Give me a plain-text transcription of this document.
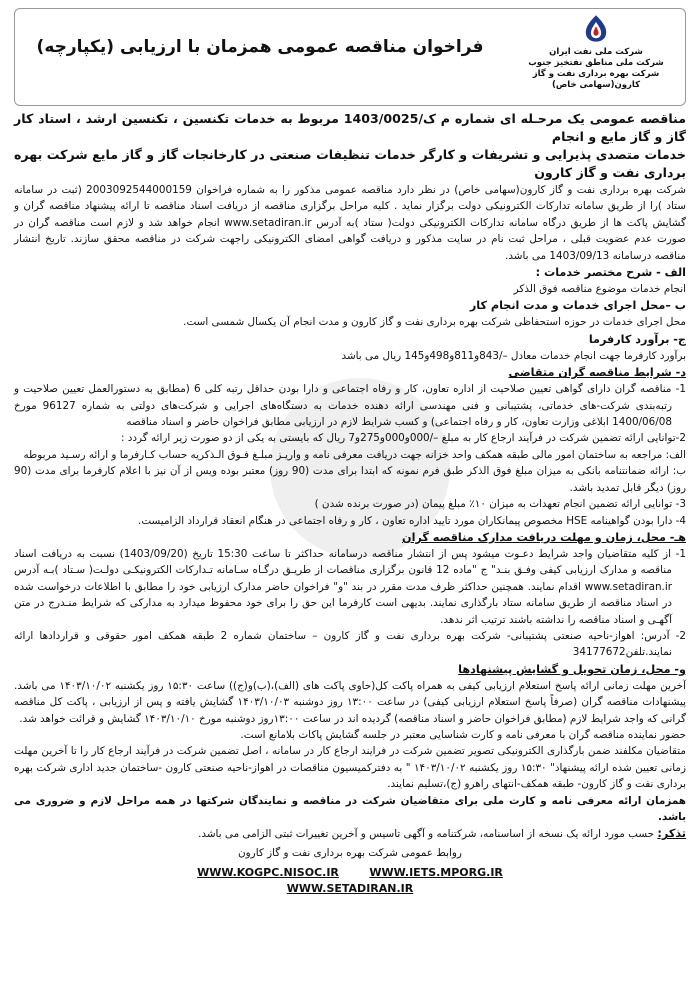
شرکت ملی نفت ایران
شرکت ملی مناطق نفتخیز جنوب
شرکت بهره برداری نفت و گاز کارون(سهامی خاص)
فراخوان مناقصه عمومی همزمان با ارزیابی (یکپارچه)

مناقصه عمومی یک مرحـله ای شماره م ک/1403/0025 مربوط به خدمات تکنسین ، تکنسین ارشد ، استاد کار گاز و گاز مایع و انجام

خدمات متصدی پذیرایی و تشریفات و کارگر خدمات تنظیفات صنعتی در کارخانجات گاز و گاز مایع شرکت بهره برداری نفت و گاز کارون

شرکت بهره برداری نفت و گاز کارون(سهامی خاص) در نظر دارد مناقصه عمومی مذکور را به شماره فراخوان 2003092544000159 (ثبت در سامانه ستاد )را از طریق سامانه تدارکات الکترونیکی دولت برگزار نماید . کلیه مراحل برگزاری مناقصه از دریافت اسناد مناقصه تا ارائه پیشنهاد مناقصه گران و گشایش پاکت ها از طریق درگاه سامانه تدارکات الکترونیکی دولت( ستاد )به آدرس www.setadiran.ir انجام خواهد شد و لازم است مناقصه گران در صورت عدم عضویت قبلی ، مراحل ثبت نام در سایت مذکور و دریافت گواهی امضای الکترونیکی راجهت شرکت در مناقصه محقق سازند. تاریخ انتشار مناقصه درسامانه 1403/09/13 می باشد.

الف - شرح مختصر خدمات :

انجام خدمات موضوع مناقصه فوق الذکر

ب –محل اجرای خدمات و مدت انجام کار

محل اجرای خدمات در حوزه استحفاظی شرکت بهره برداری نفت و گاز کارون و مدت انجام آن یکسال شمسی است.

ج- برآورد کارفرما

برآورد کارفرما جهت انجام خدمات معادل –/843و811و498و145 ریال می باشد

د- شرایط مناقصه گران متقاضی

1- مناقصه گران دارای گواهی تعیین صلاحیت از اداره تعاون، کار و رفاه اجتماعی و دارا بودن حداقل رتبه کلی 6 (مطابق به دستورالعمل تعیین صلاحیت و رتبه‌بندی شرکت-های خدماتی، پشتیبانی و فنی مهندسی ارائه دهنده خدمات به دستگاه‌های اجرایی و شرکت‌های دولتی به شماره 96127 مورخ 1400/06/08 ابلاغی وزارت تعاون، کار و رفاه اجتماعی) و کسب شرایط لازم در ارزیابی مطابق فراخوان حاضر و اسناد مناقصه

2-توانایی ارائه تضمین شرکت در فرآیند ارجاع کار به مبلغ –/000و000و275و7 ریال که بایستی به یکی از دو صورت زیر ارائه گردد :

الف: مراجعه به ساختمان امور مالی طبقه همکف واحد خزانه جهت دریافت معرفی نامه و واریـز مبلـغ فـوق الـذکریه حساب کـارفرما و ارائه رسـید مربوطه

ب: ارائه ضمانتنامه بانکی به میزان مبلغ فوق الذکر طبق فرم نمونه که ابتدا برای مدت (90 روز) معتبر بوده ویس از آن نیز با اعلام کارفرما برای مدت (90 روز) دیگر قابل تمدید باشد.

3- توانایی ارائه تضمین انجام تعهدات به میزان ۱۰٪ مبلغ پیمان (در صورت برنده شدن )

4- دارا بودن گواهینامه HSE مخصوص پیمانکاران مورد تایید اداره تعاون ، کار و رفاه اجتماعی در هنگام انعقاد قرارداد الزامیست.

هـ- محل، زمان و مهلت دریافت مدارک مناقصه گران

1- از کلیه متقاضیان واجد شرایط دعـوت میشود پس از انتشار مناقصه درسامانه حداکثر تا ساعت 15:30 تاریخ (1403/09/20) نسبت به دریافت اسناد مناقصه و مدارک ارزیابی کیفی وفـق بنـد" ج "ماده 12 قانون برگزاری مناقصات از طریـق درگـاه سـامانه تـدارکات الکترونیکـی دولـت( سـتاد )بـه آدرس www.setadiran.ir اقدام نمایند. همچنین حداکثر ظرف مدت مقرر در بند "و" فراخوان حاضر مدارک ارزیابی خود را مطابق با اطلاعات درخواست شده در اسناد مناقصه از طریق سامانه ستاد بارگذاری نمایند. بدیهی است کارفرما این حق را برای خود محفوظ میدارد به مدارکی که شرایط منـدرج در متن آگهـی و اسناد مناقصه را نداشته باشند ترتیب اثر ندهد.

2- آدرس: اهواز-ناحیه صنعتی پشتیبانی- شرکت بهره برداری نفت و گاز کارون – ساختمان شماره 2 طبقه همکف امور حقوقی و قراردادها ارائه نمایند.تلفن34177672

و- محل، زمان تحویل و گشایش پیشنهادها

آخرین مهلت زمانی ارائه پاسخ استعلام ارزیابی کیفی به همراه پاکت کل(حاوی پاکت های (الف)،(ب)و(ج)) ساعت ۱۵:۳۰ روز یکشنبه ۱۴۰۳/۱۰/۰۲ می باشد. پیشنهادات مناقصه گران (صرفاً پاسخ استعلام ارزیابی کیفی) در ساعت ۱۳:۰۰ روز دوشنبه ۱۴۰۳/۱۰/۰۳ گشایش یافته و پس از ارزیابی ، پاکت کل مناقصه گرانی که واجد شرایط لازم (مطابق فراخوان حاضر و اسناد مناقصه) گردیده اند در ساعت ۱۳:۰۰روز دوشنبه مورخ ۱۴۰۳/۱۰/۱۰ گشایش و قرائت خواهد شد.

حضور نماینده مناقصه گران با معرفی نامه و کارت شناسایی معتبر در جلسه گشایش پاکات بلامانع است.

متقاضیان مکلفند ضمن بارگذاری الکترونیکی تصویر تضمین شرکت در فرایند ارجاع کار در سامانه ، اصل تضمین شرکت در فرآیند ارجاع کار را تا آخرین مهلت زمانی تعیین شده ارائه پیشنهاد" ۱۵:۳۰ روز یکشنبه ۱۴۰۳/۱۰/۰۲ " به دفترکمیسیون مناقصات در اهواز-ناحیه صنعتی کارون -ساختمان جدید اداری شرکت بهره برداری نفت و گاز کارون- طبقه همکف-انتهای راهرو (ج)،تسلیم نمایند.

همزمان ارائه معرفی نامه و کارت ملی برای متقاضیان شرکت در مناقصه و نمایندگان شرکتها در همه مراحل لازم و ضروری می باشد.

تذکر: حسب مورد ارائه یک نسخه از اساسنامه، شرکتنامه و آگهی تاسیس و آخرین تغییرات ثبتی الزامی می باشد.

روابط عمومی شرکت بهره برداری نفت و گاز کارون
WWW.KOGPC.NISOC.IR	WWW.IETS.MPORG.IR
WWW.SETADIRAN.IR
